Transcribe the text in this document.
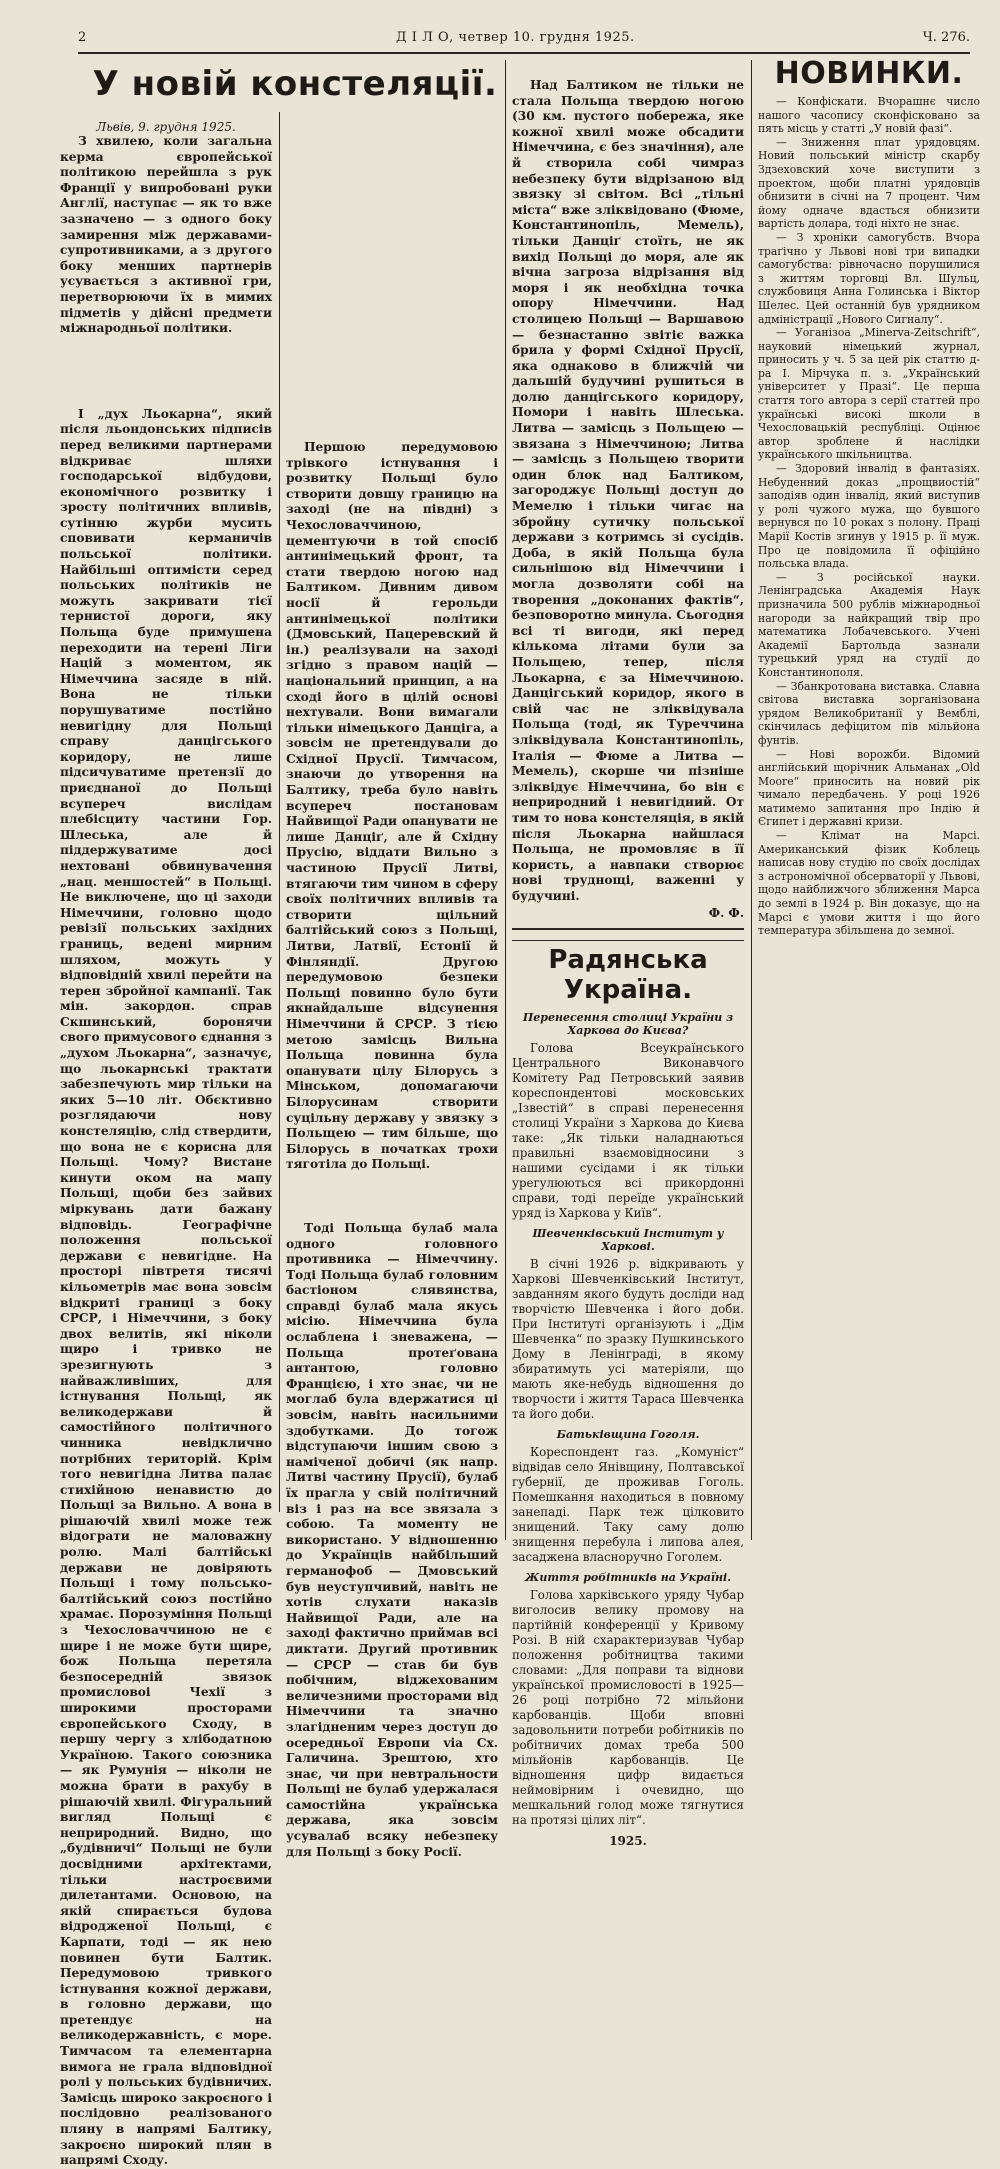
2	Д І Л О, четвер 10. грудня 1925.	Ч. 276.
У новій констеляції.
Львів, 9. грудня 1925.

З хвилею, коли загальна кермa європейської політикою перейшла з рук Франції у випробовані руки Англії, наступає — як то вже зазначено — з одного боку замирення між державами-супротивниками, а з другого боку менших партнерів усувається з активної гри, перетворюючи їх в мимих підметів у дійсні предмети міжнародньої політики.

І „дух Льокарна“, який після льондонських підписів перед великими партнерами відкриває шляхи господарської відбудови, економічного розвитку і зросту політичних впливів, сутінню журби мусить сповивати керманичів польської політики. Найбільші оптимісти серед польських політиків не можуть закривати тієї тернистої дороги, яку Польща буде примушена переходити на терені Ліги Націй з моментом, як Німеччина засяде в ній. Вона не тільки порушуватиме постійно невигідну для Польщі справу данцігського коридору, не лише підсичуватиме претензії до приєднаної до Польщі всупереч вислідам плебісциту частини Гор. Шлеська, але й піддержуватиме досі нехтовані обвинувачення „нац. меншостей“ в Польщі. Не виключене, що ці заходи Німеччини, головно щодо ревізії польських західних границь, ведені мирним шляхом, можуть у відповідній хвилі перейти на терен збройної кампанії. Так мін. закордон. справ Скшинський, боронячи свого примусового єднання з „духом Льокарна“, зазначує, що льокарнські трактати забезпечують мир тільки на яких 5—10 літ. Обєктивно розглядаючи нову констеляцію, слід ствердити, що вона не є корисна для Польщі. Чому? Вистане кинути оком на мапу Польщі, щоби без зайвих міркувань дати бажану відповідь. Географічне положення польської держави є невигідне. На просторі півтретя тисячі кільометрів має вона зовсім відкриті границі з боку СРСР, і Німеччини, з боку двох велитів, які ніколи щиро і тривко не зрезигнують з найважливіших, для істнування Польщі, як великодержави й самостійного політичного чинника невідклично потрібних територій. Крім того невигідна Литва палає стихійною ненавистю до Польщі за Вильно. А вона в рішаючій хвилі може теж відограти не маловажну ролю. Малі балтійські держави не довіряють Польщі і тому польсько-балтійський союз постійно храмає. Порозуміння Польщі з Чехословаччиною не є щире і не може бути щире, бож Польща перетяла безпосередній звязок промисловоі Чехії з широкими просторами європейського Сходу, в першу чергу з хлібодатною Україною. Такого союзника — як Румунія — ніколи не можна брати в рахубу в рішаючій хвилі. Фігуральний вигляд Польщі є неприродний. Видно, що „будівничі“ Польщі не були досвідними архітектами, тільки настроєвими дилетантами. Основою, на якій спирається будова відродженої Польщі, є Карпати, тоді — як нею повинен бути Балтик. Передумовою тривкого істнування кожної держави, в головно держави, що претендує на великодержавність, є море. Тимчасом та елементарна вимога не грала відповідної ролі у польських будівничих. Замісць широко закроєного і послідовно реалізованого пляну в напрямі Балтику, закроєно широкий плян в напрямі Сходу.

Першою передумовою трівкого істнування і розвитку Польщі було створити довшу границю на заході (не на півдні) з Чехословаччиною, цементуючи в той спосіб антинімецький фронт, та стати твердою ногою над Балтиком. Дивним дивом носії й герольди антинімецької політики (Дмовський, Пацеревский й ін.) реалізували на заході згідно з правом націй — національний принцип, а на сході його в цілій основі нехтували. Вони вимагали тільки німецького Данціга, а зовсім не претендували до Східної Прусії. Тимчасом, знаючи до утворення на Балтику, треба було навіть всупереч постановам Найвищої Ради опанувати не лише Данціґ, але й Східну Прусію, віддати Вильно з частиною Прусії Литві, втягаючи тим чином в сферу своїх політичних впливів та створити щільний балтійський союз з Польщі, Литви, Латвії, Естонії й Фінляндії. Другою передумовою безпеки Польщі повинно було бути якнайдальше відсунення Німеччини й СРСР. З тією метою замісць Вильна Польща повинна була опанувати цілу Білорусь з Мінськом, допомагаючи Білорусинам створити суцільну державу у звязку з Польщею — тим більше, що Білорусь в початках трохи тяготіла до Польщі.

Тоді Польща булаб мала одного головного противника — Німеччину. Тоді Польща булаб головним бастіоном слявянства, справді булаб мала якусь місію. Німеччина була ослаблена і зневажена, — Польща протеґована антантою, головно Францією, і хто знає, чи не моглаб була вдержатися ці зовсім, навіть насильними здобутками. До тогож відступаючи іншим свою з наміченої добичі (як напр. Литві частину Прусії), булаб їх прагла у свій політичний віз і раз на все звязала з собою. Та моменту не використано. У відношенню до Українців найбільший германофоб — Дмовський був неуступчивий, навіть не хотів слухати наказів Найвищої Ради, але на заході фактично приймав всі диктати. Другий противник — СРСР — став би був побічним, віджехованим величезними просторами від Німеччини та значно злагідненим через доступ до осередньої Европи via Сх. Галичина. Зрештою, хто знає, чи при невтральности Польщі не булаб удержалася самостійна українська держава, яка зовсім усувалаб всяку небезпеку для Польщі з боку Росії.

Над Балтиком не тільки не стала Польща твердою ногою (30 км. пустого побережа, яке кожної хвилі може обсадити Німеччина, є без значіння), але й створила собі чимраз небезпеку бути відрізаною від звязку зі світом. Всі „тільні міста“ вже зліквідовано (Фюме, Константинопіль, Мемель), тільки Данціґ стоїть, не як вихід Польщі до моря, але як вічна загроза відрізання від моря і як необхідна точка опору Німеччини. Над столицею Польщі — Варшавою — безнастанно звітіє важка брила у формі Східної Прусії, яка однаково в ближчій чи дальшій будучині рушиться в долю данцігського коридору, Помори і навіть Шлеська. Литва — замісць з Польщею — звязана з Німеччиною; Литва — замісць з Польщею творити один блок над Балтиком, загороджує Польщі доступ до Мемелю і тільки чигає на збройну сутичку польської держави з котримсь зі сусідів. Доба, в якій Польща була сильнішою від Німеччини і могла дозволяти собі на творення „доконаних фактів“, безповоротно минула. Сьогодня всі ті вигоди, які перед кількома літами були за Польщею, тепер, після Льокарна, є за Німеччиною. Данцігський коридор, якого в свій час не зліквідувала Польща (тоді, як Туреччина зліквідувала Константинопіль, Італія — Фюме а Литва — Мемель), скорше чи пізніше зліквідує Німеччина, бо він є неприродний і невигідний. От тим то нова констеляція, в якій після Льокарна найшлася Польща, не промовляє в її користь, а навпаки створює нові труднощі, важенні у будучині.

Ф. Ф.
Радянська Україна.
Перенесення столиці України з Харкова до Києва?

Голова Всеукраїнського Центрального Виконавчого Комітету Рад Петровський заявив кореспондентові московських „Ізвестій“ в справі перенесення столиці України з Харкова до Києва таке: „Як тільки наладнаються правильні взаємовідносини з нашими сусідами і як тільки урегулюються всі прикордонні справи, тоді переїде український уряд із Харкова у Київ“.

Шевченківський Інститут у Харкові.

В січні 1926 р. відкривають у Харкові Шевченківський Інститут, завданням якого будуть досліди над творчістю Шевченка і його доби. При Інституті організують і „Дім Шевченка“ по зразку Пушкинського Дому в Ленінграді, в якому збиратимуть усі матеріяли, що мають яке-небудь відношення до творчости і життя Тараса Шевченка та його доби.

Батьківщина Гоголя.

Кореспондент газ. „Комуніст“ відвідав село Янівщину, Полтавської губернії, де проживав Гоголь. Помешкання находиться в повному занепаді. Парк теж цілковито знищений. Таку саму долю знищення перебула і липова алея, засаджена власноручно Гоголем.

Життя робітників на Україні.

Голова харківського уряду Чубар виголосив велику промову на партійній конференції у Кривому Розі. В ній схарактеризував Чубар положення робітництва такими словами: „Для поправи та віднови української промисловості в 1925—26 році потрібно 72 мільйони карбованців. Щоби вповні задовольнити потреби робітників по робітничих домах треба 500 мільйонів карбованців. Це відношення цифр видається неймовірним і очевидно, що мешкальний голод може тягнутися на протязі цілих літ“.

1925.
НОВИНКИ.

— Конфіскати. Вчорашнє число нашого часопису сконфісковано за пять місць у статті „У новій фазі“.

— Зниження плат урядовцям. Новий польський міністр скарбу Здзеховский хоче виступити з проектом, щоби платні урядовців обнизити в січні на 7 процент. Чим йому одначе вдасться обнизити вартість долара, тоді ніхто не знає.

— З хроніки самогубств. Вчора траґічно у Львові нові три випадки самогубства: рівночасно порушилися з життям торговці Вл. Шульц, службовиця Анна Голинська і Віктор Шелес. Цей останній був урядником адміністрації „Нового Сигналу“.

— Уоганізоа „Minerva-Zeitschrift“, науковий німецький журнал, приносить у ч. 5 за цей рік статтю д-ра І. Мірчука п. з. „Український університет у Празі“. Це перша стаття того автора з серії статтей про українські високі школи в Чехословацькій республіці. Оцінює автор зроблене й наслідки українського шкільництва.

— Здоровий інвалід в фантазіях. Небуденний доказ „прощвиостій“ заподіяв один інвалід, який виступив у ролі чужого мужа, що бувшого вернувся по 10 роках з полону. Праці Марії Костів згинув у 1915 р. її муж. Про це повідомила її офіційно польська влада.

— З російської науки. Ленінградська Академія Наук призначила 500 рублів міжнародньої нагороди за найкращий твір про математика Лобачевського. Учені Академії Бартольда зазнали турецький уряд на студії до Константинополя.

— Збанкротована виставка. Славна світова виставка зорганізована урядом Великобританії у Вемблі, скінчилась дефіцитом пів мільйона фунтів.

— Нові ворожби. Відомий англійський щорічник Альманах „Old Moore“ приносить на новий рік чимало передбачень. У році 1926 матимемо запитання про Індію й Єгипет і державні кризи.

— Клімат на Марсі. Американський фізик Коблець написав нову студію по своїх дослідах з астрономічної обсерваторії у Львові, щодо найближчого зближення Марса до землі в 1924 р. Він доказує, що на Марсі є умови життя і що його температура збільшена до земної.
